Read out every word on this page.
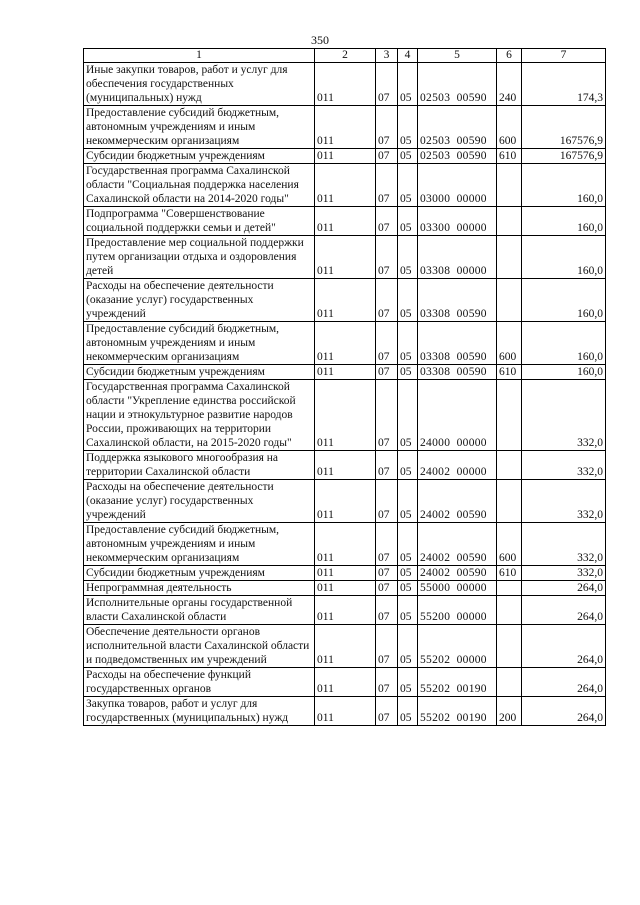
350
1	2	3	4	5	6	7
Иные закупки товаров, работ и услуг для обеспечения государственных (муниципальных) нужд	011	07	05	02503  00590	240	174,3
Предоставление субсидий бюджетным, автономным учреждениям и иным некоммерческим организациям	011	07	05	02503  00590	600	167576,9
Субсидии бюджетным учреждениям	011	07	05	02503  00590	610	167576,9
Государственная программа Сахалинской области "Социальная поддержка населения Сахалинской области на 2014-2020 годы"	011	07	05	03000  00000		160,0
Подпрограмма "Совершенствование социальной поддержки семьи и детей"	011	07	05	03300  00000		160,0
Предоставление мер социальной поддержки путем организации отдыха и оздоровления детей	011	07	05	03308  00000		160,0
Расходы на обеспечение деятельности (оказание услуг) государственных учреждений	011	07	05	03308  00590		160,0
Предоставление субсидий бюджетным, автономным учреждениям и иным некоммерческим организациям	011	07	05	03308  00590	600	160,0
Субсидии бюджетным учреждениям	011	07	05	03308  00590	610	160,0
Государственная программа Сахалинской области "Укрепление единства российской нации и этнокультурное развитие народов России, проживающих на территории Сахалинской области, на 2015-2020 годы"	011	07	05	24000  00000		332,0
Поддержка языкового многообразия на территории Сахалинской области	011	07	05	24002  00000		332,0
Расходы на обеспечение деятельности (оказание услуг) государственных учреждений	011	07	05	24002  00590		332,0
Предоставление субсидий бюджетным, автономным учреждениям и иным некоммерческим организациям	011	07	05	24002  00590	600	332,0
Субсидии бюджетным учреждениям	011	07	05	24002  00590	610	332,0
Непрограммная деятельность	011	07	05	55000  00000		264,0
Исполнительные органы государственной власти Сахалинской области	011	07	05	55200  00000		264,0
Обеспечение деятельности органов исполнительной власти Сахалинской области и подведомственных им учреждений	011	07	05	55202  00000		264,0
Расходы на обеспечение функций государственных органов	011	07	05	55202  00190		264,0
Закупка товаров, работ и услуг для государственных (муниципальных) нужд	011	07	05	55202  00190	200	264,0
